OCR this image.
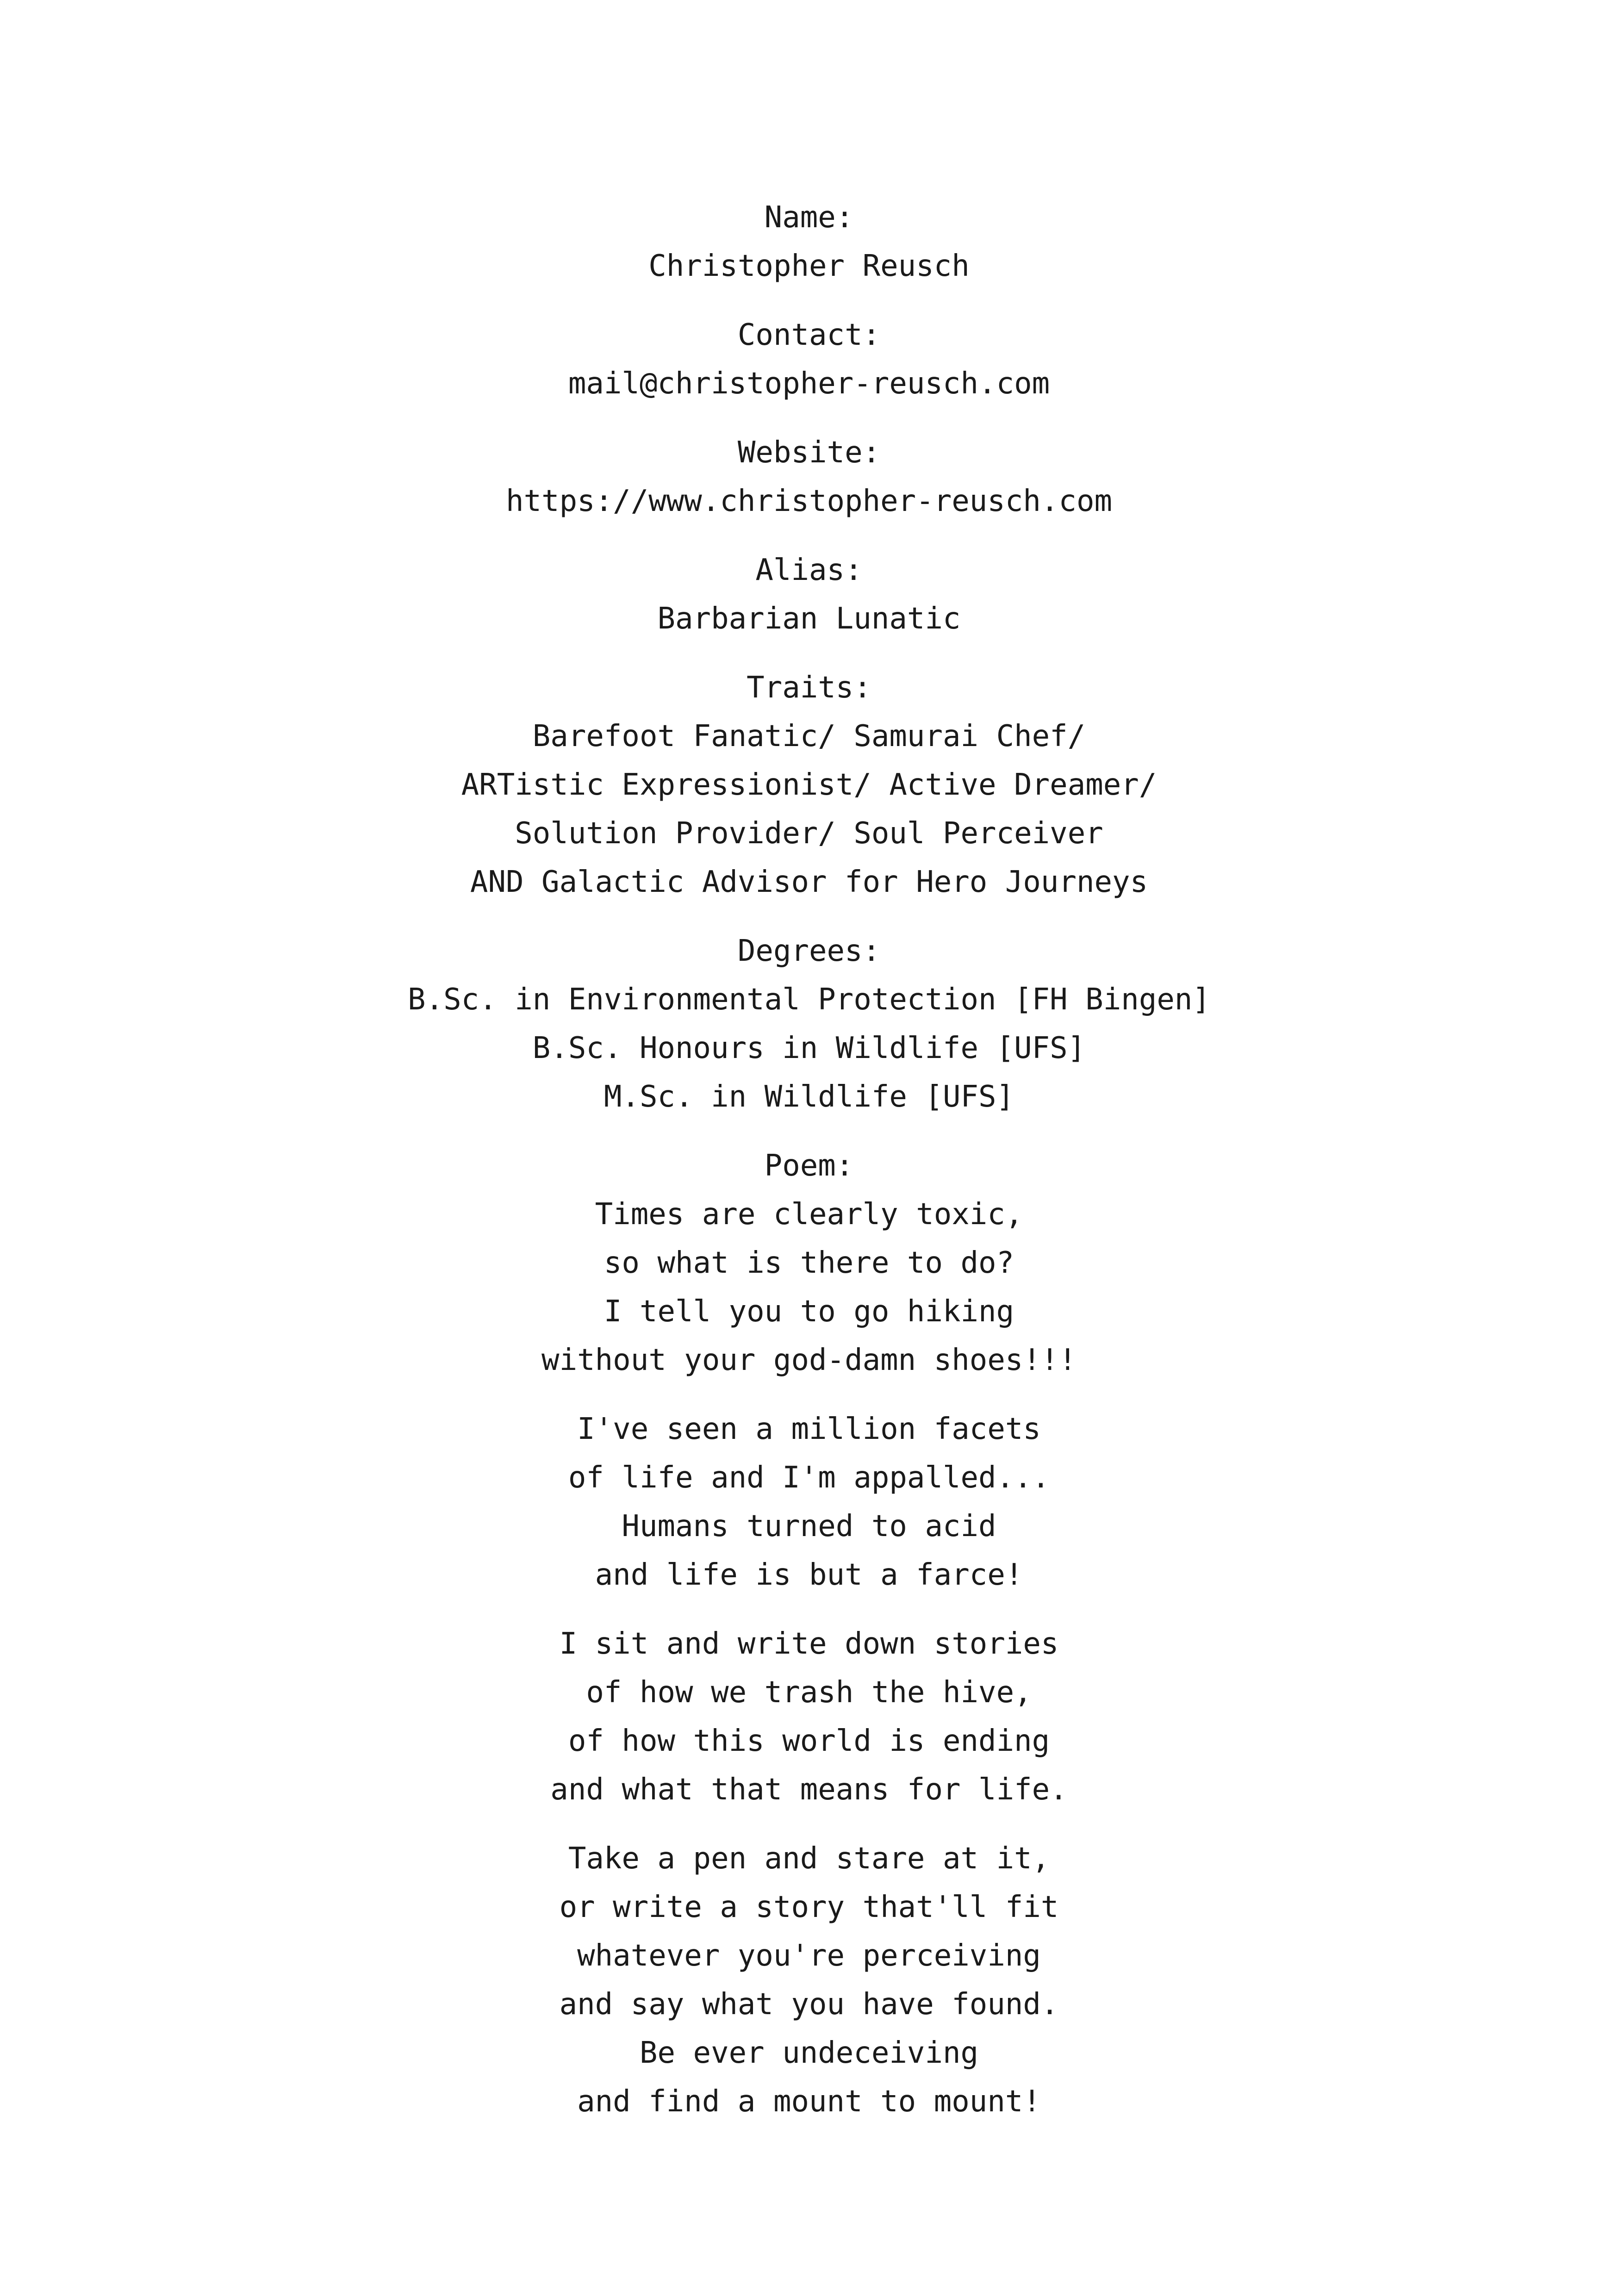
Name:
Christopher Reusch
Contact:
mail@christopher-reusch.com
Website:
https://www.christopher-reusch.com
Alias:
Barbarian Lunatic
Traits:
Barefoot Fanatic/ Samurai Chef/
ARTistic Expressionist/ Active Dreamer/
Solution Provider/ Soul Perceiver
AND Galactic Advisor for Hero Journeys
Degrees:
B.Sc. in Environmental Protection [FH Bingen]
B.Sc. Honours in Wildlife [UFS]
M.Sc. in Wildlife [UFS]
Poem:
Times are clearly toxic,
so what is there to do?
I tell you to go hiking
without your god-damn shoes!!!
I've seen a million facets
of life and I'm appalled...
Humans turned to acid
and life is but a farce!
I sit and write down stories
of how we trash the hive,
of how this world is ending
and what that means for life.
Take a pen and stare at it,
or write a story that'll fit
whatever you're perceiving
and say what you have found.
Be ever undeceiving
and find a mount to mount!
